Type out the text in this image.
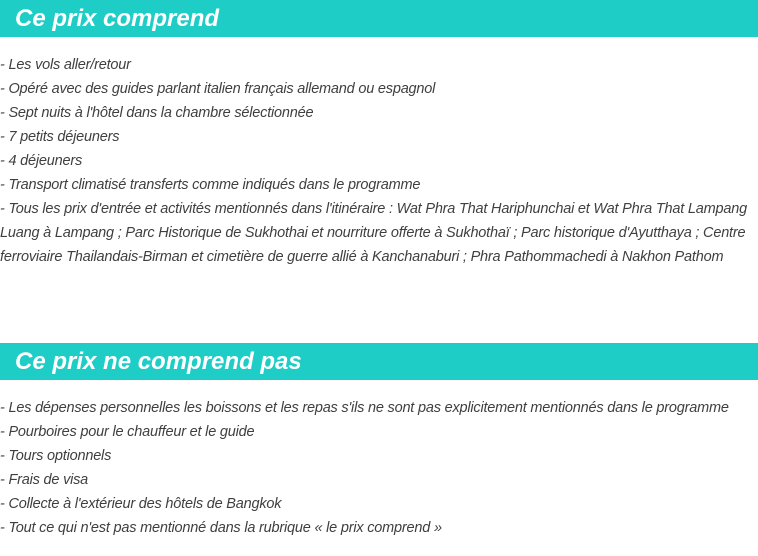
Ce prix comprend
- Les vols aller/retour
- Opéré avec des guides parlant italien français allemand ou espagnol
- Sept nuits à l'hôtel dans la chambre sélectionnée
- 7 petits déjeuners
- 4 déjeuners
- Transport climatisé transferts comme indiqués dans le programme
- Tous les prix d'entrée et activités mentionnés dans l'itinéraire : Wat Phra That Hariphunchai et Wat Phra That Lampang Luang à Lampang ; Parc Historique de Sukhothai et nourriture offerte à Sukhothaï ; Parc historique d'Ayutthaya ; Centre ferroviaire Thailandais-Birman et cimetière de guerre allié à Kanchanaburi ; Phra Pathommachedi à Nakhon Pathom
Ce prix ne comprend pas
- Les dépenses personnelles les boissons et les repas s'ils ne sont pas explicitement mentionnés dans le programme
- Pourboires pour le chauffeur et le guide
- Tours optionnels
- Frais de visa
- Collecte à l'extérieur des hôtels de Bangkok
- Tout ce qui n'est pas mentionné dans la rubrique « le prix comprend »
